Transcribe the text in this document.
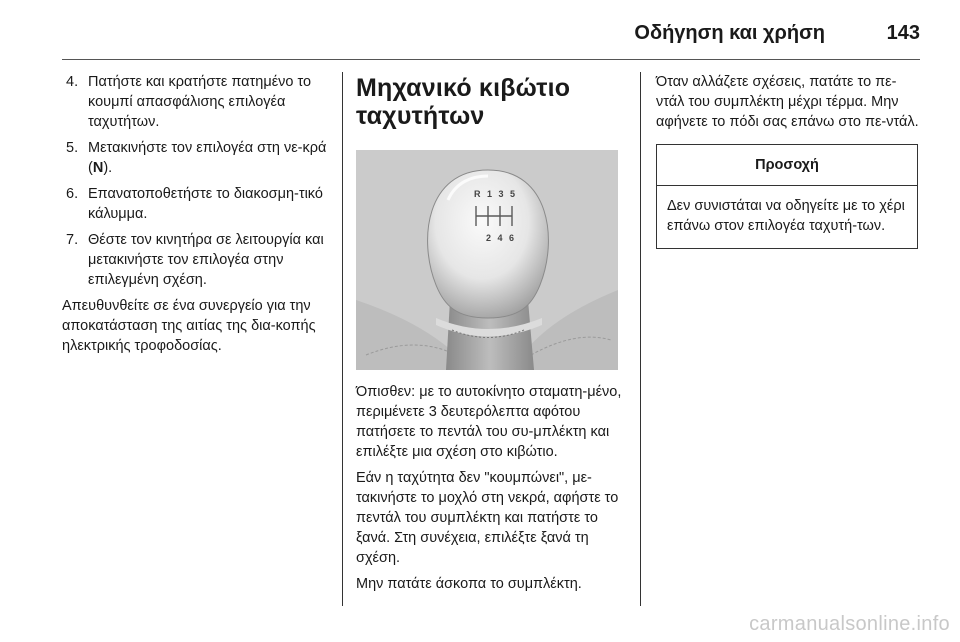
Οδήγηση και χρήση	143
4. Πατήστε και κρατήστε πατημένο το κουμπί απασφάλισης επιλογέα ταχυτήτων.
5. Μετακινήστε τον επιλογέα στη νε-κρά (N).
6. Επανατοποθετήστε το διακοσμη-τικό κάλυμμα.
7. Θέστε τον κινητήρα σε λειτουργία και μετακινήστε τον επιλογέα στην επιλεγμένη σχέση.

Απευθυνθείτε σε ένα συνεργείο για την αποκατάσταση της αιτίας της δια-κοπής ηλεκτρικής τροφοδοσίας.

Μηχανικό κιβώτιο
ταχυτήτων
R 1 3 5
2 4 6

Όπισθεν: με το αυτοκίνητο σταματη-μένο, περιμένετε 3 δευτερόλεπτα αφότου πατήσετε το πεντάλ του συ-μπλέκτη και επιλέξτε μια σχέση στο κιβώτιο.

Εάν η ταχύτητα δεν "κουμπώνει", με-τακινήστε το μοχλό στη νεκρά, αφήστε το πεντάλ του συμπλέκτη και πατήστε το ξανά. Στη συνέχεια, επιλέξτε ξανά τη σχέση.

Μην πατάτε άσκοπα το συμπλέκτη.

Όταν αλλάζετε σχέσεις, πατάτε το πε-ντάλ του συμπλέκτη μέχρι τέρμα. Μην αφήνετε το πόδι σας επάνω στο πε-ντάλ.

Προσοχή
Δεν συνιστάται να οδηγείτε με το χέρι επάνω στον επιλογέα ταχυτή-των.
carmanualsonline.info
